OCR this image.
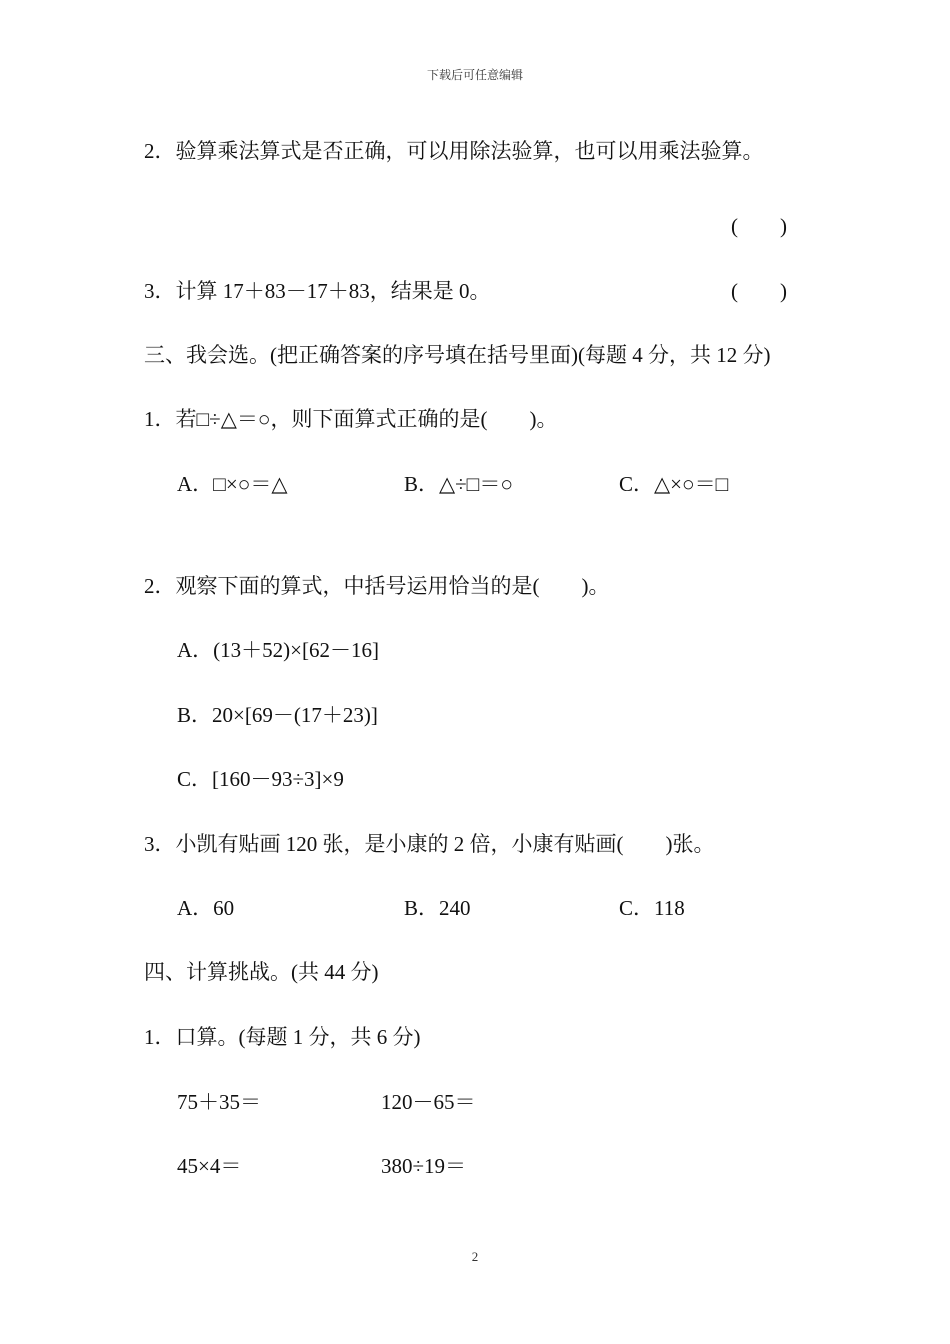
下载后可任意编辑
2．验算乘法算式是否正确，可以用除法验算，也可以用乘法验算。
(　　)
3．计算 17＋83－17＋83，结果是 0。	(　　)
三、我会选。(把正确答案的序号填在括号里面)(每题 4 分，共 12 分)
1．若□÷△＝○，则下面算式正确的是(　　)。
A．□×○＝△	B．△÷□＝○	C．△×○＝□
2．观察下面的算式，中括号运用恰当的是(　　)。
A．(13＋52)×[62－16]
B．20×[69－(17＋23)]
C．[160－93÷3]×9
3．小凯有贴画 120 张，是小康的 2 倍，小康有贴画(　　)张。
A．60	B．240	C．118
四、计算挑战。(共 44 分)
1．口算。(每题 1 分，共 6 分)
75＋35＝	120－65＝
45×4＝	380÷19＝
2
